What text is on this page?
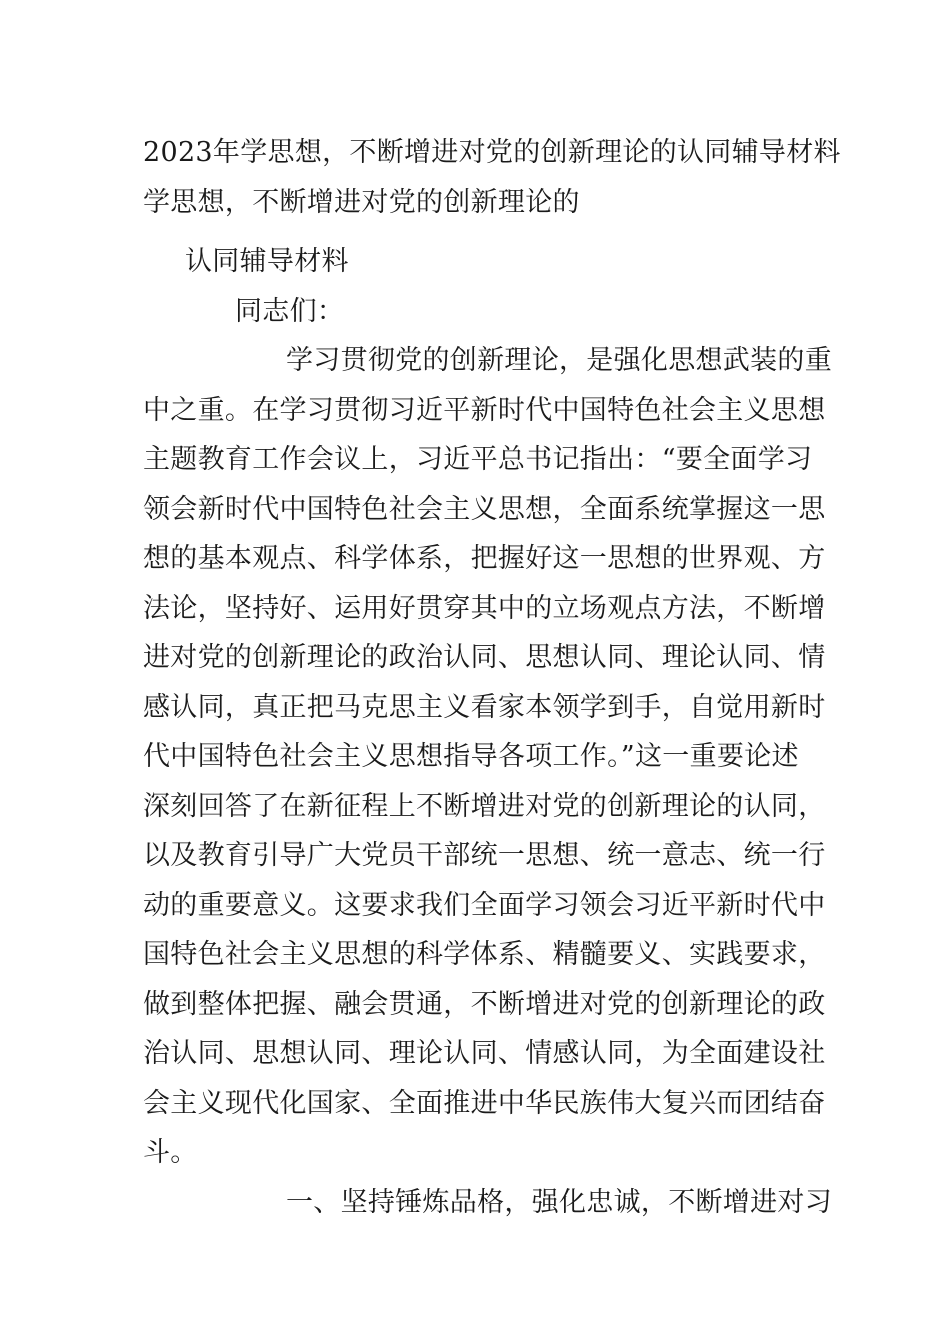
2023年学思想，不断增进对党的创新理论的认同辅导材料
学思想，不断增进对党的创新理论的
认同辅导材料
同志们：
学习贯彻党的创新理论，是强化思想武装的重
中之重。在学习贯彻习近平新时代中国特色社会主义思想
主题教育工作会议上，习近平总书记指出：“要全面学习
领会新时代中国特色社会主义思想，全面系统掌握这一思
想的基本观点、科学体系，把握好这一思想的世界观、方
法论，坚持好、运用好贯穿其中的立场观点方法，不断增
进对党的创新理论的政治认同、思想认同、理论认同、情
感认同，真正把马克思主义看家本领学到手，自觉用新时
代中国特色社会主义思想指导各项工作。”这一重要论述
深刻回答了在新征程上不断增进对党的创新理论的认同，
以及教育引导广大党员干部统一思想、统一意志、统一行
动的重要意义。这要求我们全面学习领会习近平新时代中
国特色社会主义思想的科学体系、精髓要义、实践要求，
做到整体把握、融会贯通，不断增进对党的创新理论的政
治认同、思想认同、理论认同、情感认同，为全面建设社
会主义现代化国家、全面推进中华民族伟大复兴而团结奋
斗。
一、坚持锤炼品格，强化忠诚，不断增进对习
